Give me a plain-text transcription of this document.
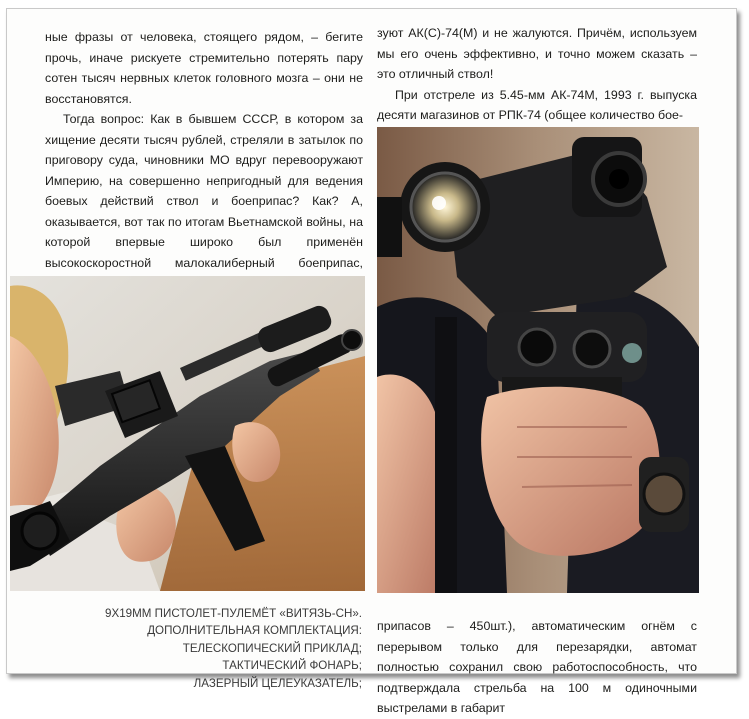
ные фразы от человека, стоящего рядом, – бегите прочь, иначе рискуете стремительно потерять пару сотен тысяч нервных клеток головного мозга – они не восстановятся.

Тогда вопрос: Как в бывшем СССР, в котором за хищение десяти тысяч рублей, стреляли в затылок по приговору суда, чиновники МО вдруг перевооружают Империю, на совершенно непригодный для ведения боевых действий ствол и боеприпас? Как? А, оказывается, вот так по итогам Вьетнамской войны, на которой впервые широко был применён высокоскоростной малокалиберный боеприпас,

зуют АК(С)-74(М) и не жалуются. Причём, используем мы его очень эффективно, и точно можем сказать – это отличный ствол!

При отстреле из 5.45-мм АК-74М, 1993 г. выпуска десяти магазинов от РПК-74 (общее количество бое-

9Х19ММ ПИСТОЛЕТ-ПУЛЕМЁТ «ВИТЯЗЬ-СН».
ДОПОЛНИТЕЛЬНАЯ КОМПЛЕКТАЦИЯ:
ТЕЛЕСКОПИЧЕСКИЙ ПРИКЛАД;
ТАКТИЧЕСКИЙ ФОНАРЬ;
ЛАЗЕРНЫЙ ЦЕЛЕУКАЗАТЕЛЬ;

припасов – 450шт.), автоматическим огнём с перерывом только для перезарядки, автомат полностью сохранил свою работоспособность, что подтверждала стрельба на 100 м одиночными выстрелами в габарит
